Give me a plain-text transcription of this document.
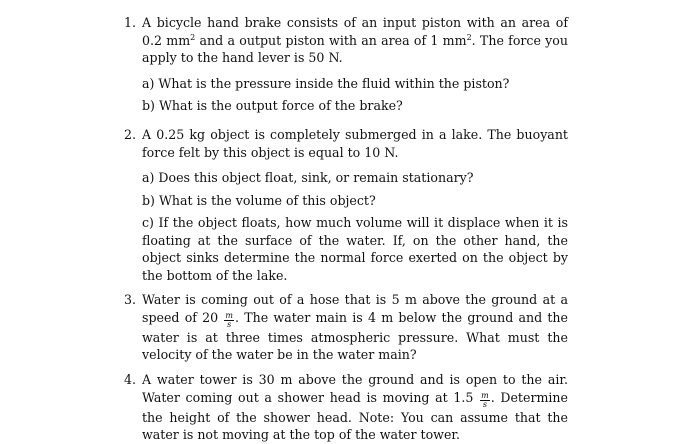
1. A bicycle hand brake consists of an input piston with an area of 0.2 $mm^2$ and a output piston with an area of 1 $mm^2$. The force you apply to the hand lever is 50 N.

a) What is the pressure inside the fluid within the piston?

b) What is the output force of the brake?

2. A 0.25 kg object is completely submerged in a lake. The buoyant force felt by this object is equal to 10 N.

a) Does this object float, sink, or remain stationary?

b) What is the volume of this object?

c) If the object floats, how much volume will it displace when it is floating at the surface of the water. If, on the other hand, the object sinks determine the normal force exerted on the object by the bottom of the lake.

3. Water is coming out of a hose that is 5 m above the ground at a speed of $20 \frac{m}{s}$ . The water main is 4 m below the ground and the water is at three times atmospheric pressure. What must the velocity of the water be in the water main?

4. A water tower is 30 m above the ground and is open to the air. Water coming out a shower head is moving at $1.5 \frac{m}{s}$ . Determine the height of the shower head. Note: You can assume that the water is not moving at the top of the water tower.
